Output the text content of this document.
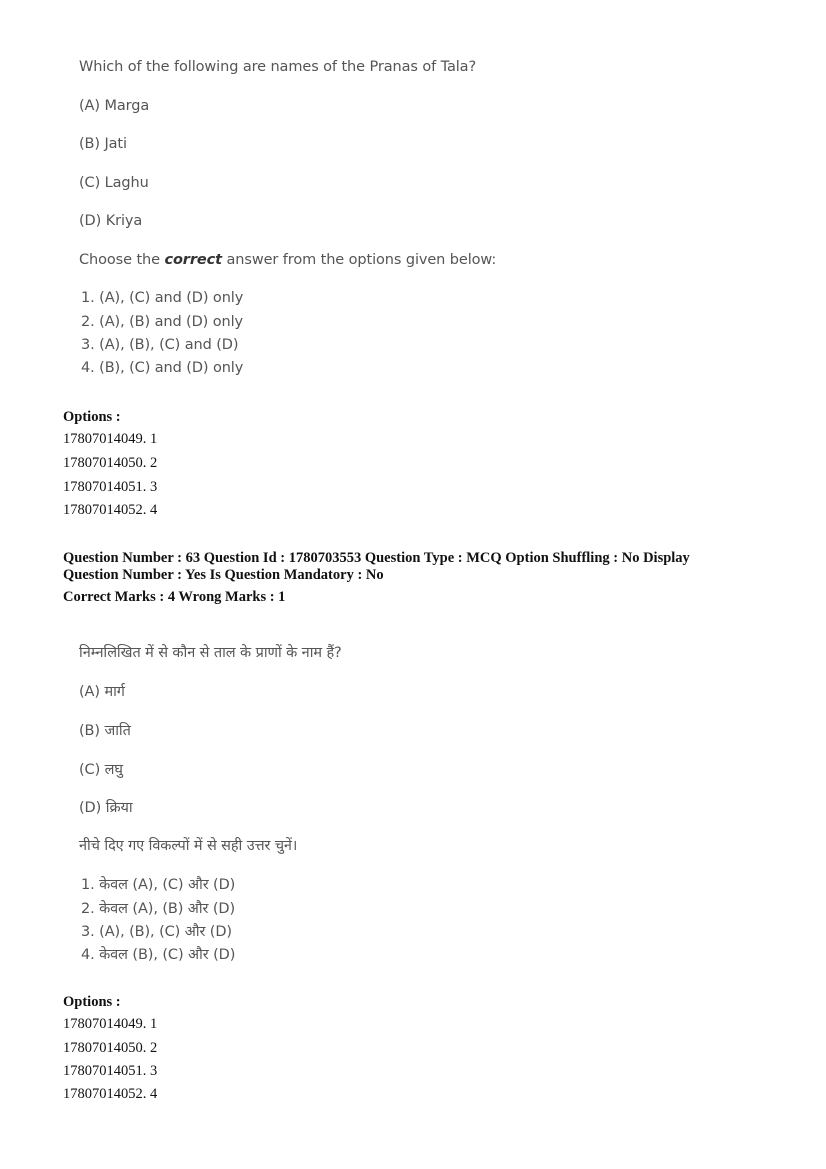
Which of the following are names of the Pranas of Tala?
(A) Marga
(B) Jati
(C) Laghu
(D) Kriya
Choose the correct answer from the options given below:
1. (A), (C) and (D) only
2. (A), (B) and (D) only
3. (A), (B), (C) and (D)
4. (B), (C) and (D) only
Options :
17807014049. 1
17807014050. 2
17807014051. 3
17807014052. 4
Question Number : 63 Question Id : 1780703553 Question Type : MCQ Option Shuffling : No Display
Question Number : Yes Is Question Mandatory : No
Correct Marks : 4 Wrong Marks : 1
निम्नलिखित में से कौन से ताल के प्राणों के नाम हैं?
(A) मार्ग
(B) जाति
(C) लघु
(D) क्रिया
नीचे दिए गए विकल्पों में से सही उत्तर चुनें।
1. केवल (A), (C) और (D)
2. केवल (A), (B) और (D)
3. (A), (B), (C) और (D)
4. केवल (B), (C) और (D)
Options :
17807014049. 1
17807014050. 2
17807014051. 3
17807014052. 4
